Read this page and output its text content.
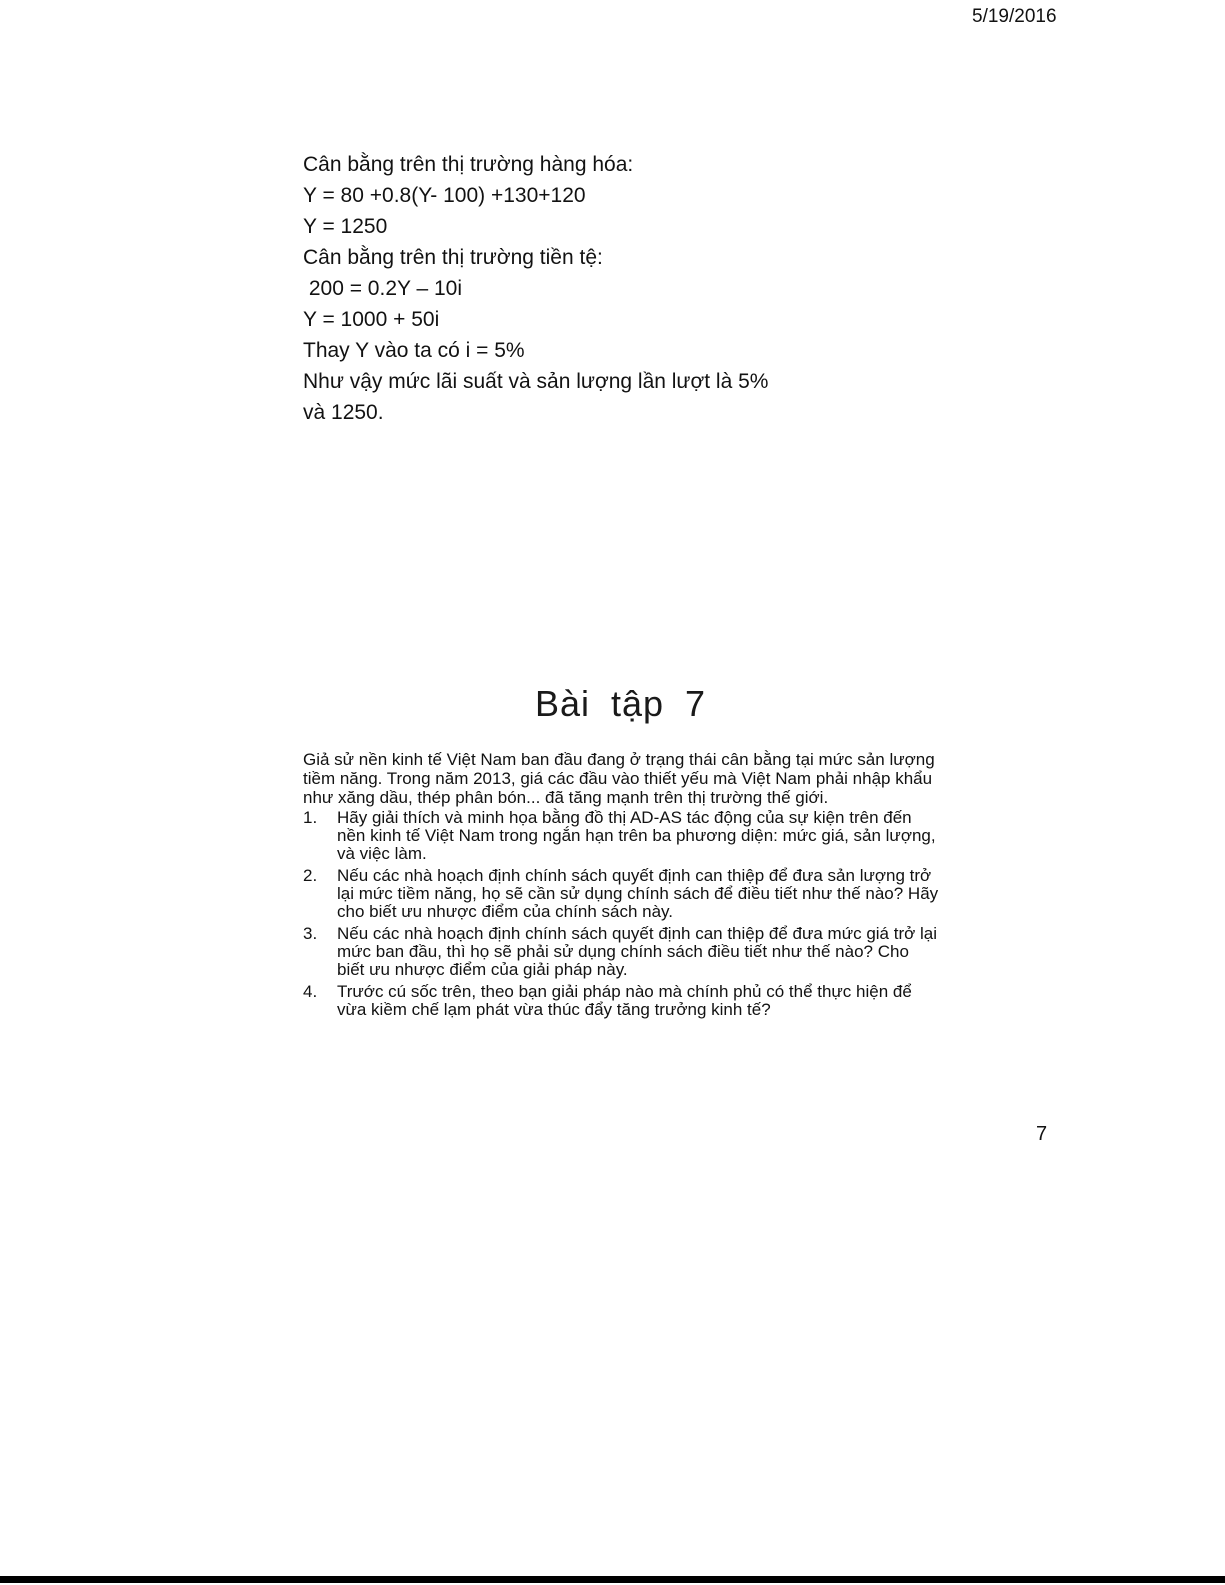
5/19/2016
Cân bằng trên thị trường hàng hóa:
Y = 80 +0.8(Y- 100) +130+120
Y = 1250
Cân bằng trên thị trường tiền tệ:
200 = 0.2Y – 10i
Y = 1000 + 50i
Thay Y vào ta có i = 5%
Như vậy mức lãi suất và sản lượng lần lượt là 5%
và 1250.
Bài tập 7
Giả sử nền kinh tế Việt Nam ban đầu đang ở trạng thái cân bằng tại mức sản lượng
tiềm năng. Trong năm 2013, giá các đầu vào thiết yếu mà Việt Nam phải nhập khẩu
như xăng dầu, thép phân bón... đã tăng mạnh trên thị trường thế giới.
1.	Hãy giải thích và minh họa bằng đồ thị AD-AS tác động của sự kiện trên đến
nền kinh tế Việt Nam trong ngắn hạn trên ba phương diện: mức giá, sản lượng,
và việc làm.
2.	Nếu các nhà hoạch định chính sách quyết định can thiệp để đưa sản lượng trở
lại mức tiềm năng, họ sẽ cần sử dụng chính sách để điều tiết như thế nào? Hãy
cho biết ưu nhược điểm của chính sách này.
3.	Nếu các nhà hoạch định chính sách quyết định can thiệp để đưa mức giá trở lại
mức ban đầu, thì họ sẽ phải sử dụng chính sách điều tiết như thế nào? Cho
biết ưu nhược điểm của giải pháp này.
4.	Trước cú sốc trên, theo bạn giải pháp nào mà chính phủ có thể thực hiện để
vừa kiềm chế lạm phát vừa thúc đẩy tăng trưởng kinh tế?
7
